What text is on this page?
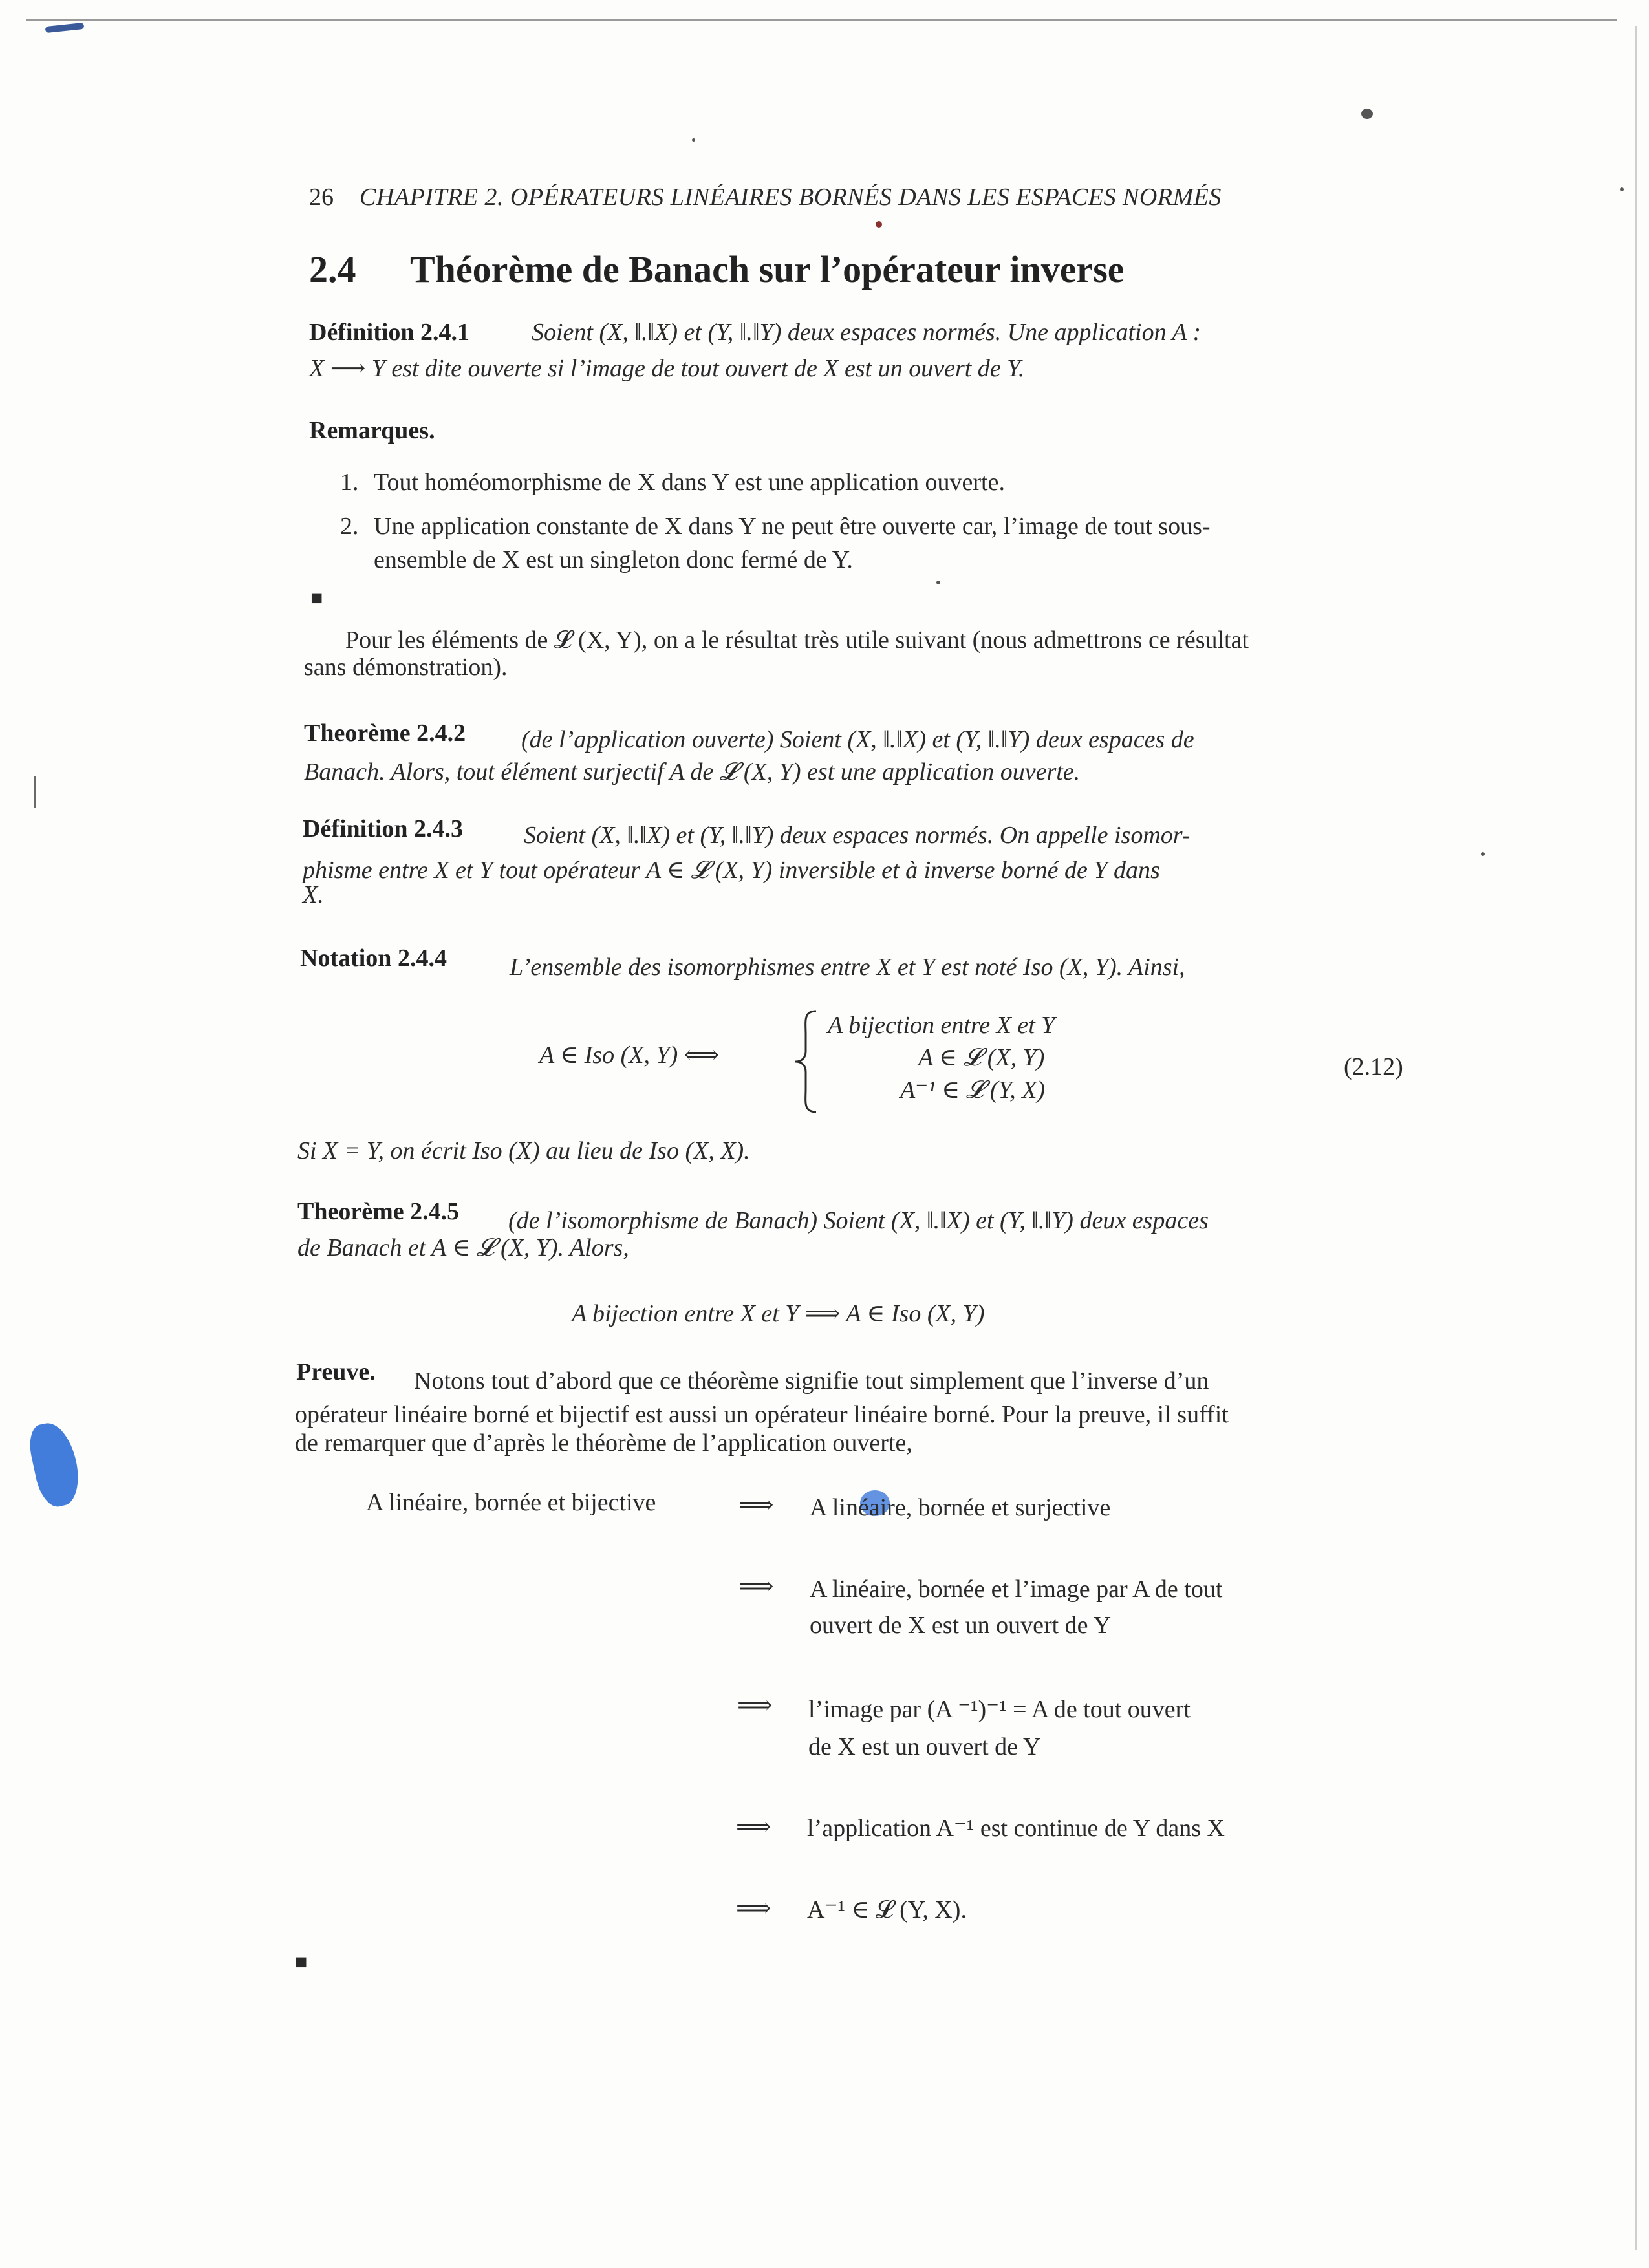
26 CHAPITRE 2. OPÉRATEURS LINÉAIRES BORNÉS DANS LES ESPACES NORMÉS
2.4 Théorème de Banach sur l’opérateur inverse
Définition 2.4.1	Soient (X, ‖.‖X) et (Y, ‖.‖Y) deux espaces normés. Une application A :
X ⟶ Y est dite ouverte si l’image de tout ouvert de X est un ouvert de Y.
Remarques.
1. Tout homéomorphisme de X dans Y est une application ouverte.
2. Une application constante de X dans Y ne peut être ouverte car, l’image de tout sous-
ensemble de X est un singleton donc fermé de Y.
■
Pour les éléments de 𝓛 (X, Y), on a le résultat très utile suivant (nous admettrons ce résultat
sans démonstration).
Theorème 2.4.2 (de l’application ouverte) Soient (X, ‖.‖X) et (Y, ‖.‖Y) deux espaces de
Banach. Alors, tout élément surjectif A de 𝓛 (X, Y) est une application ouverte.
Définition 2.4.3 Soient (X, ‖.‖X) et (Y, ‖.‖Y) deux espaces normés. On appelle isomor-
phisme entre X et Y tout opérateur A ∈ 𝓛 (X, Y) inversible et à inverse borné de Y dans
X.
Notation 2.4.4	L’ensemble des isomorphismes entre X et Y est noté Iso (X, Y). Ainsi,
A ∈ Iso (X, Y) ⟺
A bijection entre X et Y
A ∈ 𝓛 (X, Y)
A⁻¹ ∈ 𝓛 (Y, X)
(2.12)
Si X = Y, on écrit Iso (X) au lieu de Iso (X, X).
Theorème 2.4.5 (de l’isomorphisme de Banach) Soient (X, ‖.‖X) et (Y, ‖.‖Y) deux espaces
de Banach et A ∈ 𝓛 (X, Y). Alors,
A bijection entre X et Y ⟹ A ∈ Iso (X, Y)
Preuve. Notons tout d’abord que ce théorème signifie tout simplement que l’inverse d’un
opérateur linéaire borné et bijectif est aussi un opérateur linéaire borné. Pour la preuve, il suffit
de remarquer que d’après le théorème de l’application ouverte,
A linéaire, bornée et bijective	⟹ A linéaire, bornée et surjective
⟹ A linéaire, bornée et l’image par A de tout
ouvert de X est un ouvert de Y
⟹ l’image par (A ⁻¹)⁻¹ = A de tout ouvert
de X est un ouvert de Y
⟹ l’application A⁻¹ est continue de Y dans X
⟹ A⁻¹ ∈ 𝓛 (Y, X).
■
